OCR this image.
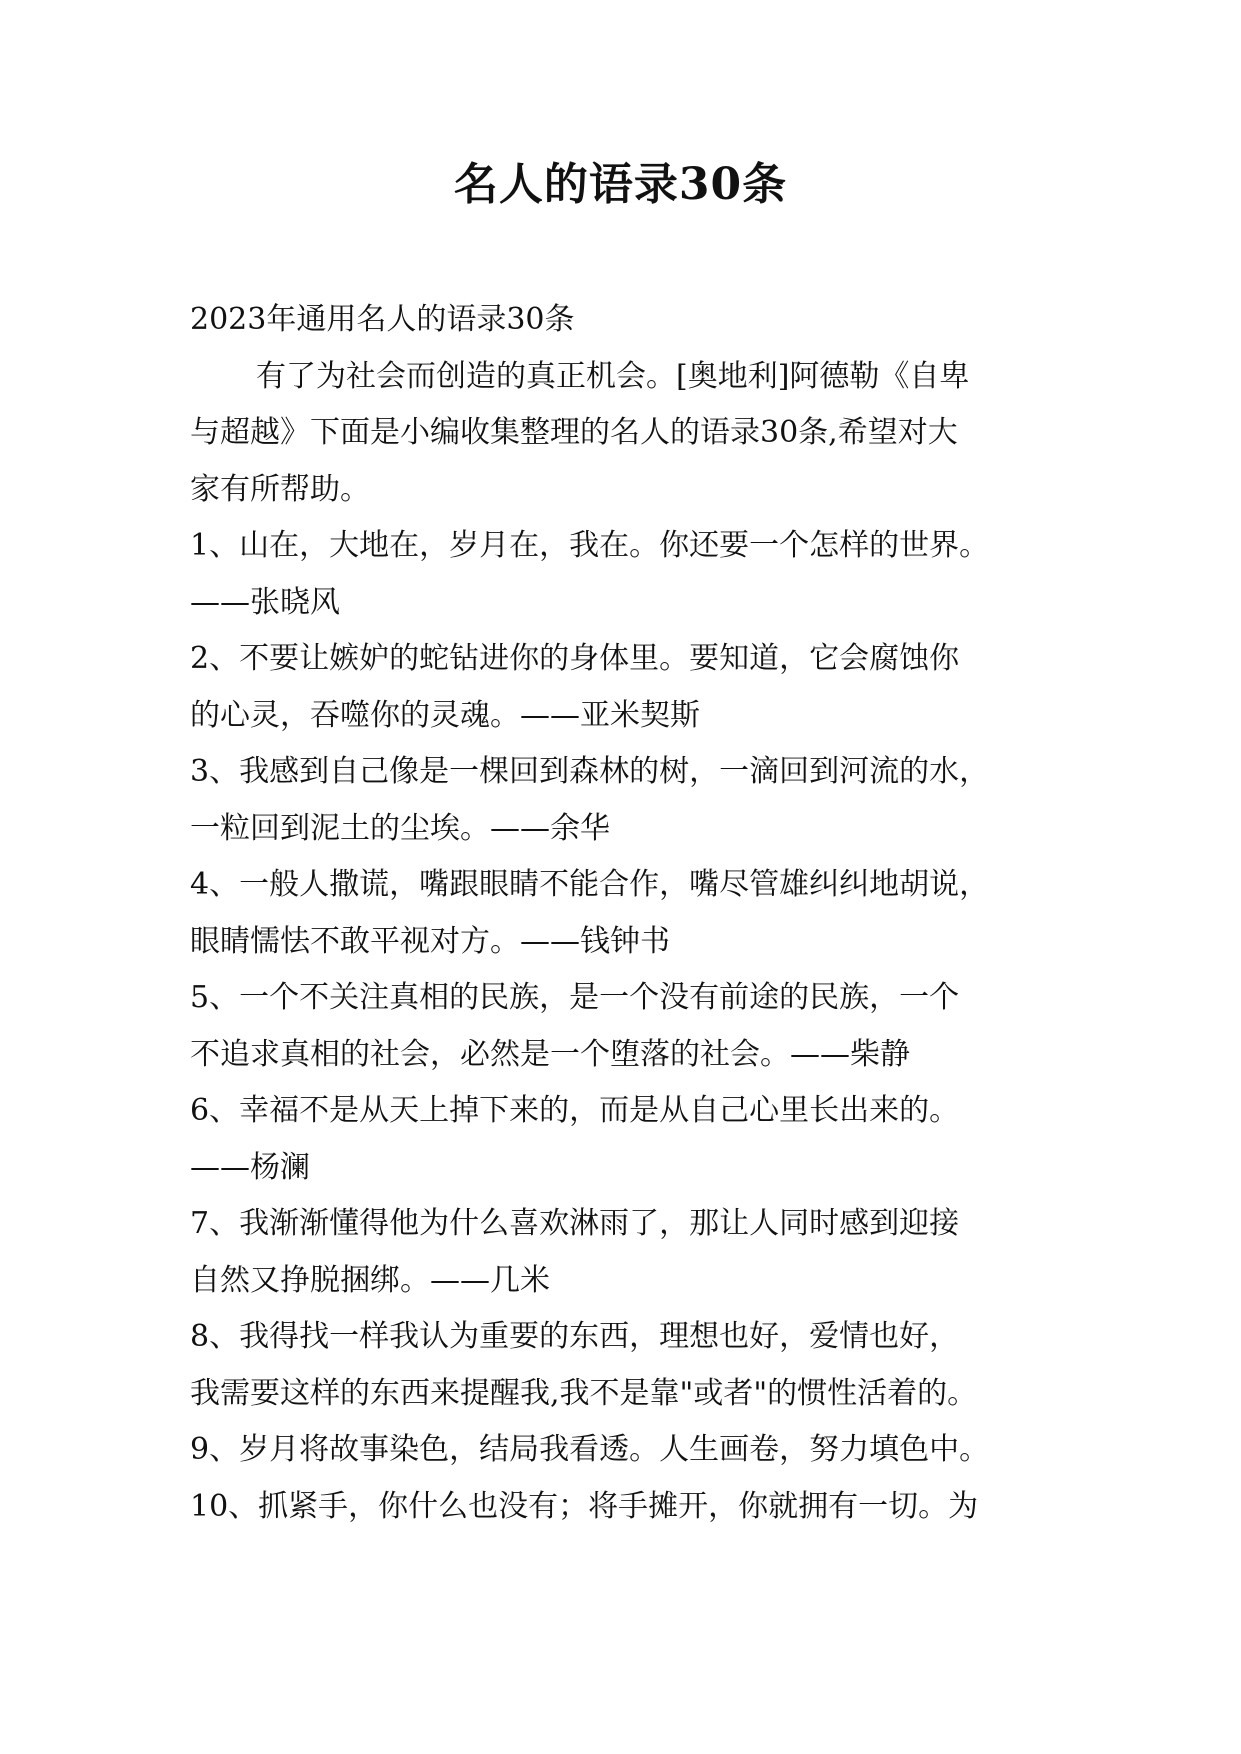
名人的语录30条
2023年通用名人的语录30条
有了为社会而创造的真正机会。[奥地利]阿德勒《自卑
与超越》下面是小编收集整理的名人的语录30条,希望对大
家有所帮助。
1、山在，大地在，岁月在，我在。你还要一个怎样的世界。
——张晓风
2、不要让嫉妒的蛇钻进你的身体里。要知道，它会腐蚀你
的心灵，吞噬你的灵魂。——亚米契斯
3、我感到自己像是一棵回到森林的树，一滴回到河流的水，
一粒回到泥土的尘埃。——余华
4、一般人撒谎，嘴跟眼睛不能合作，嘴尽管雄纠纠地胡说，
眼睛懦怯不敢平视对方。——钱钟书
5、一个不关注真相的民族，是一个没有前途的民族，一个
不追求真相的社会，必然是一个堕落的社会。——柴静
6、幸福不是从天上掉下来的，而是从自己心里长出来的。
——杨澜
7、我渐渐懂得他为什么喜欢淋雨了，那让人同时感到迎接
自然又挣脱捆绑。——几米
8、我得找一样我认为重要的东西，理想也好，爱情也好，
我需要这样的东西来提醒我,我不是靠"或者"的惯性活着的。
9、岁月将故事染色，结局我看透。人生画卷，努力填色中。
10、抓紧手，你什么也没有；将手摊开，你就拥有一切。为
